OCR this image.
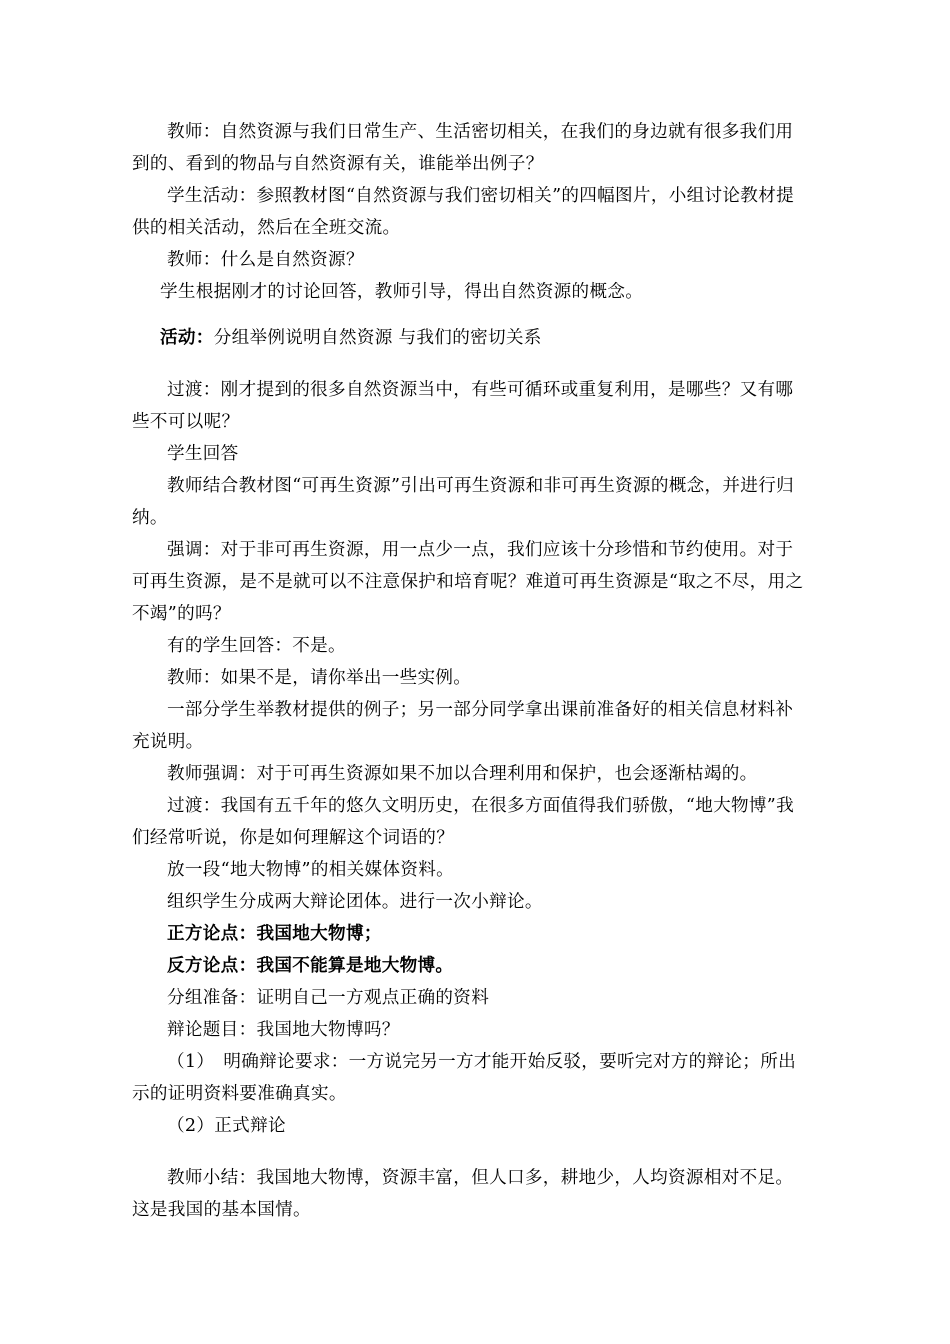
教师：自然资源与我们日常生产、生活密切相关，在我们的身边就有很多我们用到的、看到的物品与自然资源有关，谁能举出例子？

学生活动：参照教材图“自然资源与我们密切相关”的四幅图片，小组讨论教材提供的相关活动，然后在全班交流。

教师：什么是自然资源？

学生根据刚才的讨论回答，教师引导，得出自然资源的概念。

活动：分组举例说明自然资源 与我们的密切关系

过渡：刚才提到的很多自然资源当中，有些可循环或重复利用，是哪些？又有哪些不可以呢？

学生回答

教师结合教材图“可再生资源”引出可再生资源和非可再生资源的概念，并进行归纳。

强调：对于非可再生资源，用一点少一点，我们应该十分珍惜和节约使用。对于可再生资源，是不是就可以不注意保护和培育呢？难道可再生资源是“取之不尽，用之不竭”的吗？

有的学生回答：不是。

教师：如果不是，请你举出一些实例。

一部分学生举教材提供的例子；另一部分同学拿出课前准备好的相关信息材料补充说明。

教师强调：对于可再生资源如果不加以合理利用和保护，也会逐渐枯竭的。

过渡：我国有五千年的悠久文明历史，在很多方面值得我们骄傲，“地大物博”我们经常听说，你是如何理解这个词语的？

放一段“地大物博”的相关媒体资料。

组织学生分成两大辩论团体。进行一次小辩论。

正方论点：我国地大物博；

反方论点：我国不能算是地大物博。

分组准备：证明自己一方观点正确的资料

辩论题目：我国地大物博吗？

（1）　明确辩论要求：一方说完另一方才能开始反驳，要听完对方的辩论；所出示的证明资料要准确真实。

（2）正式辩论

教师小结：我国地大物博，资源丰富，但人口多，耕地少，人均资源相对不足。这是我国的基本国情。
